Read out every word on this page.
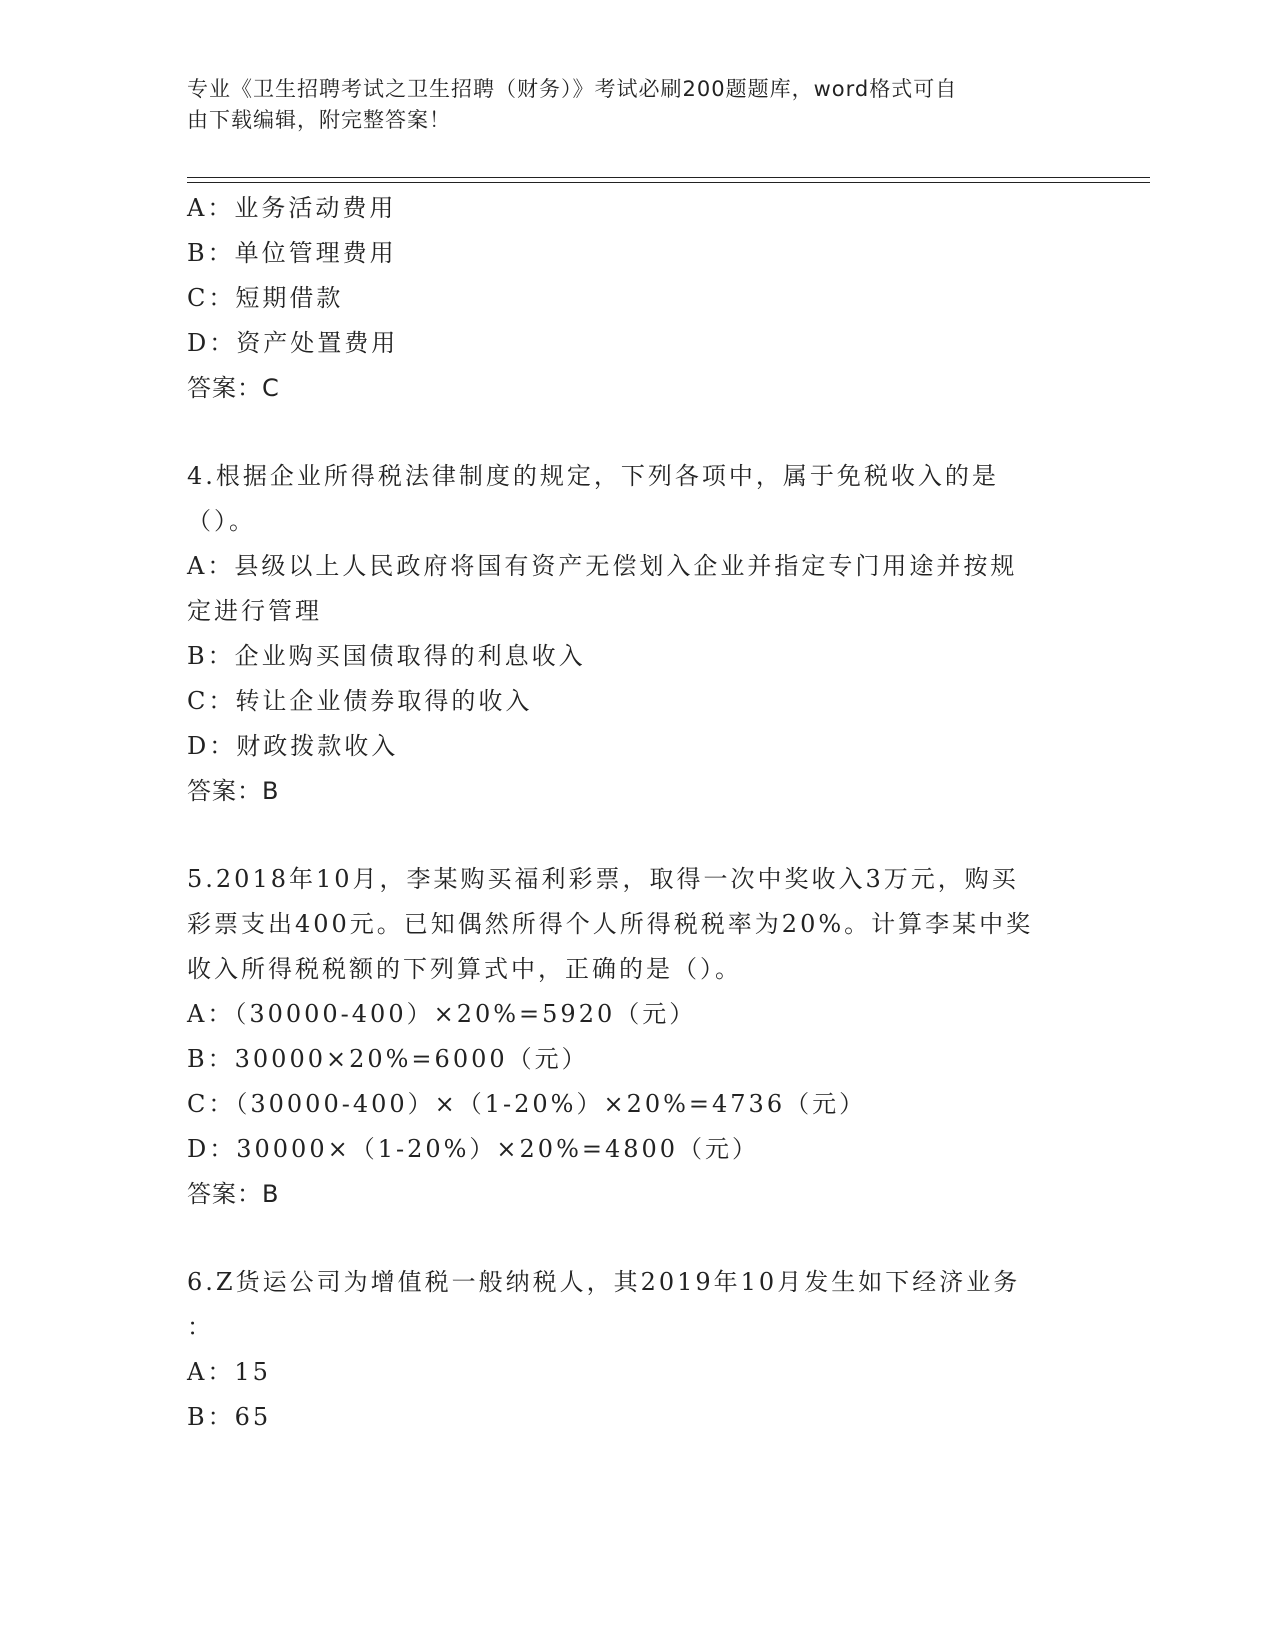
专业《卫生招聘考试之卫生招聘（财务）》考试必刷200题题库，word格式可自
由下载编辑，附完整答案！
A：业务活动费用
B：单位管理费用
C：短期借款
D：资产处置费用
答案：C
4.根据企业所得税法律制度的规定，下列各项中，属于免税收入的是
（）。
A：县级以上人民政府将国有资产无偿划入企业并指定专门用途并按规
定进行管理
B：企业购买国债取得的利息收入
C：转让企业债券取得的收入
D：财政拨款收入
答案：B
5.2018年10月，李某购买福利彩票，取得一次中奖收入3万元，购买
彩票支出400元。已知偶然所得个人所得税税率为20%。计算李某中奖
收入所得税税额的下列算式中，正确的是（）。
A：（30000-400）×20%=5920（元）
B：30000×20%=6000（元）
C：（30000-400）×（1-20%）×20%=4736（元）
D：30000×（1-20%）×20%=4800（元）
答案：B
6.Z货运公司为增值税一般纳税人，其2019年10月发生如下经济业务
：
A：15
B：65
